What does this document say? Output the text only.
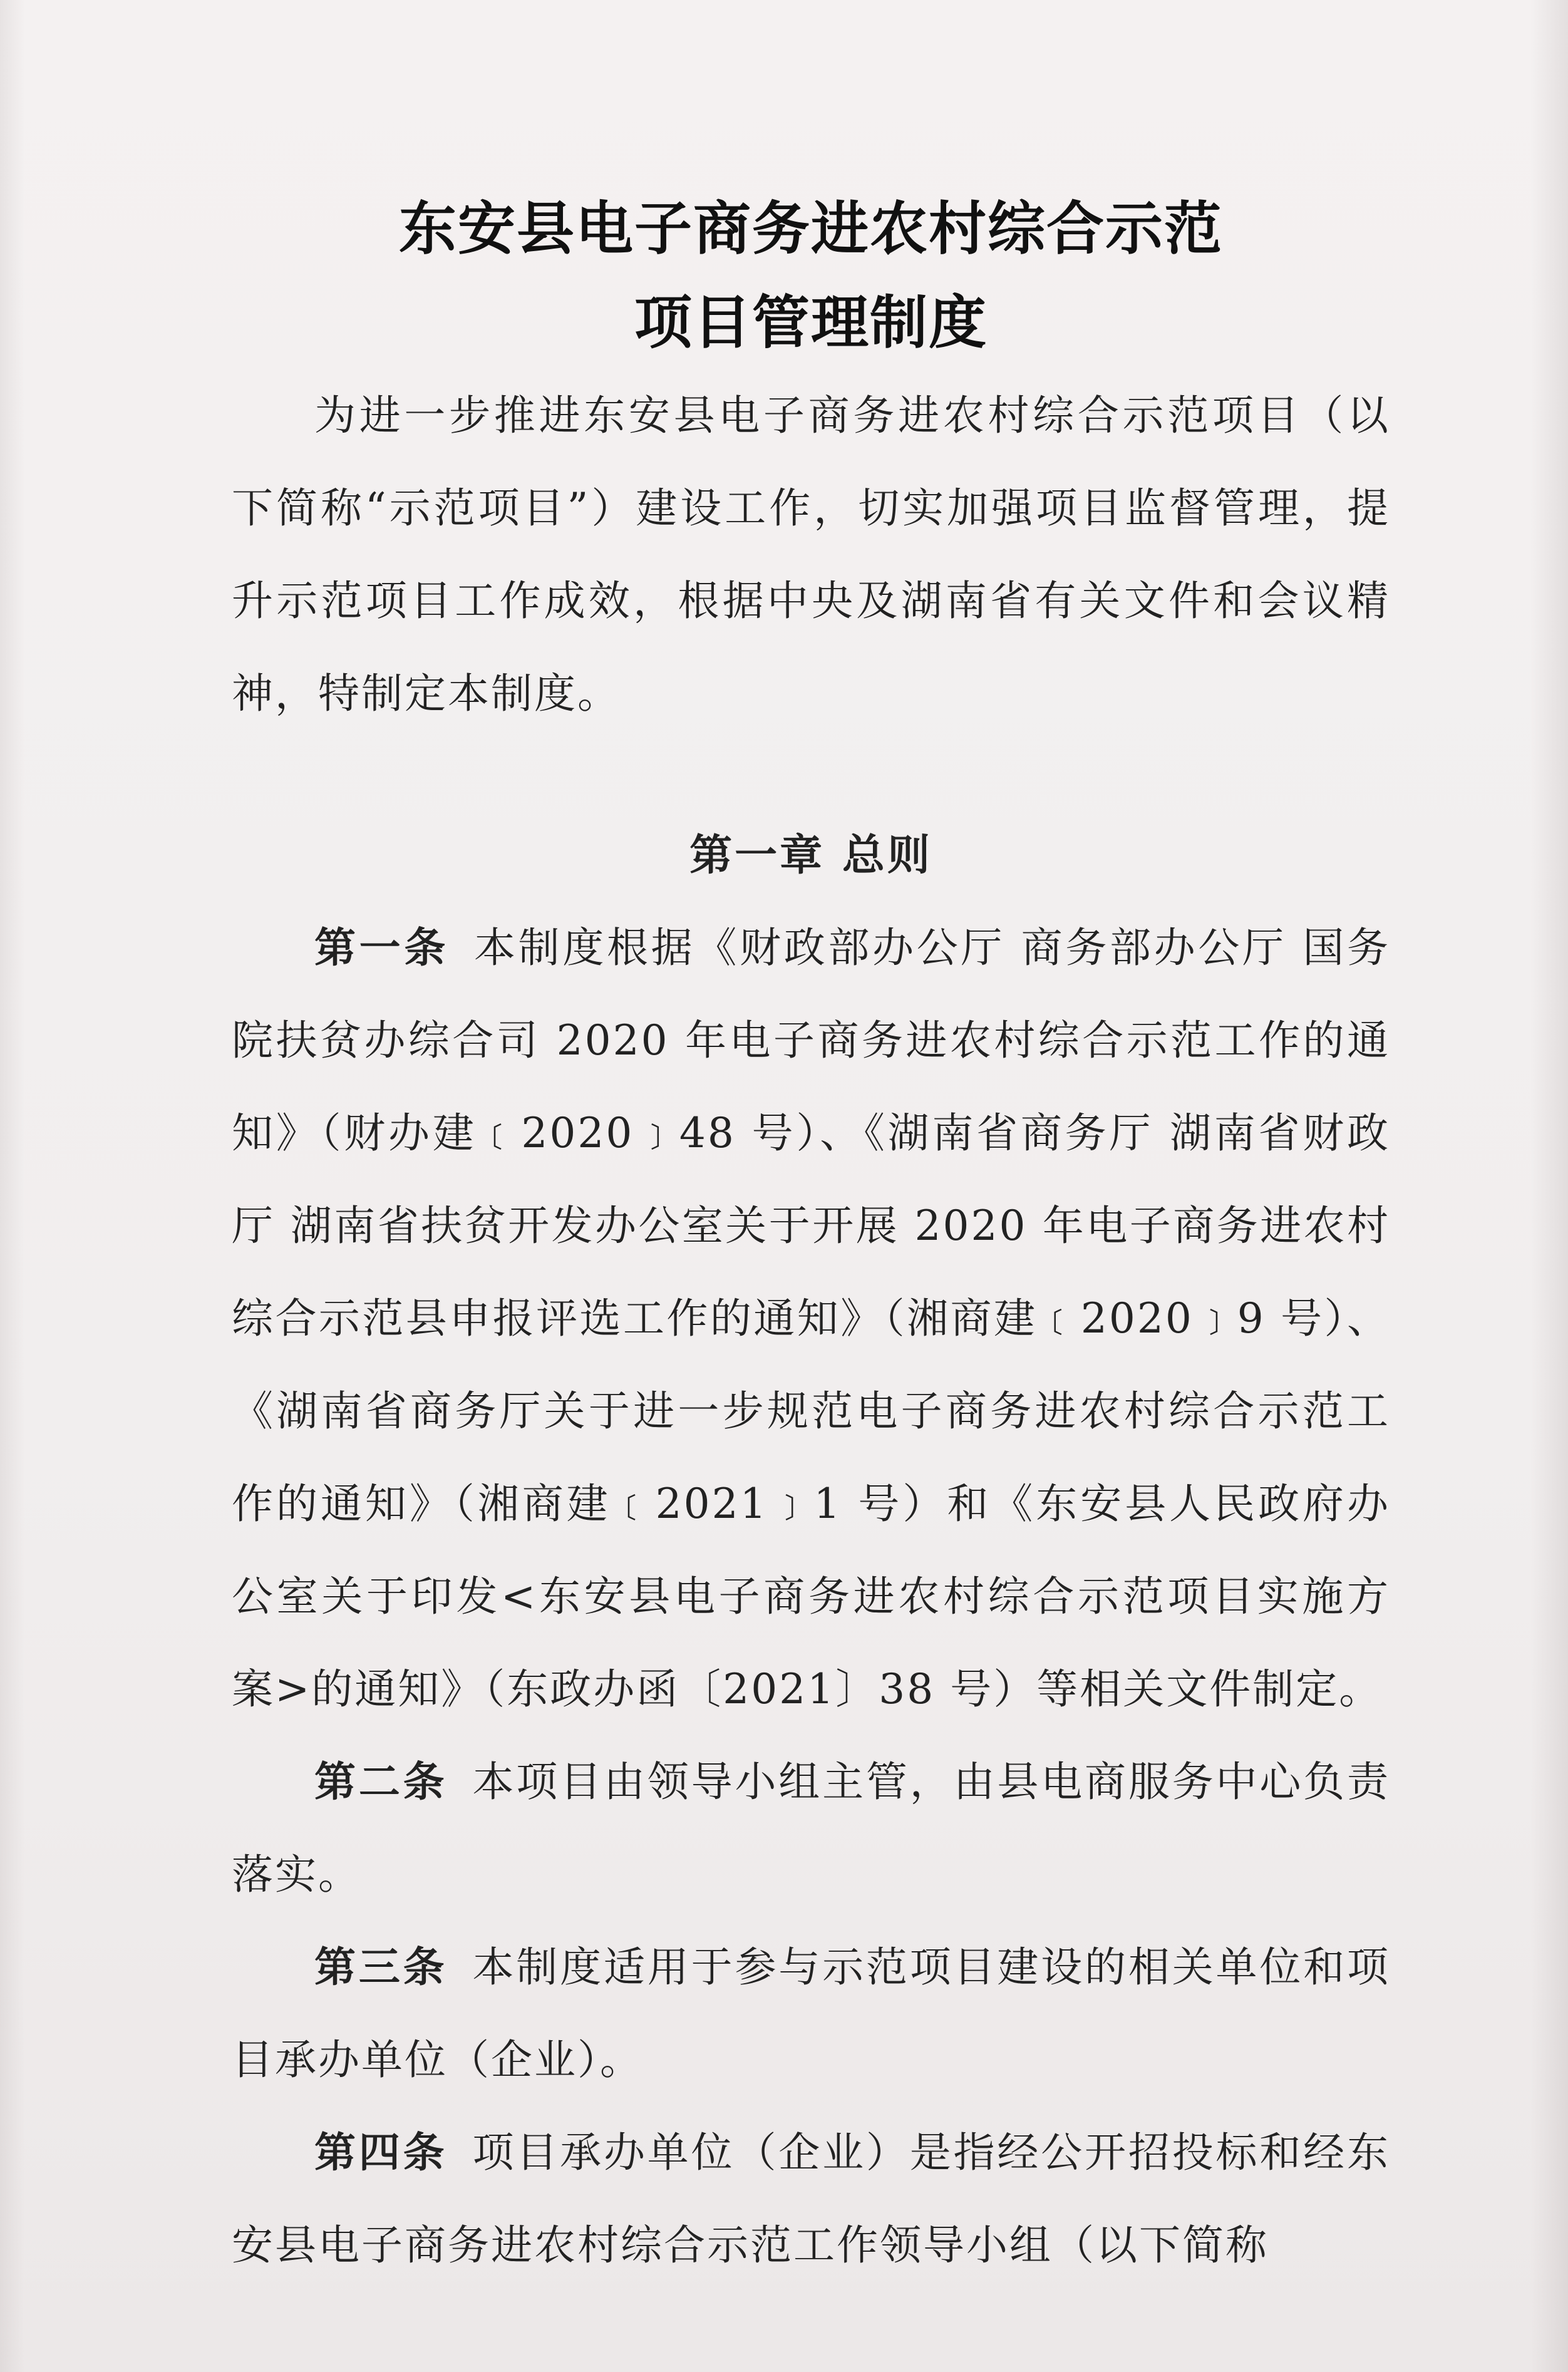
东安县电子商务进农村综合示范
项目管理制度

为进一步推进东安县电子商务进农村综合示范项目（以下简称“示范项目”）建设工作，切实加强项目监督管理，提升示范项目工作成效，根据中央及湖南省有关文件和会议精神，特制定本制度。

第一章 总则

第一条 本制度根据《财政部办公厅 商务部办公厅 国务院扶贫办综合司 2020 年电子商务进农村综合示范工作的通知》（财办建﹝2020﹞48 号）、《湖南省商务厅 湖南省财政厅 湖南省扶贫开发办公室关于开展 2020 年电子商务进农村综合示范县申报评选工作的通知》（湘商建﹝2020﹞9 号）、《湖南省商务厅关于进一步规范电子商务进农村综合示范工作的通知》（湘商建﹝2021﹞1 号）和《东安县人民政府办公室关于印发<东安县电子商务进农村综合示范项目实施方案>的通知》（东政办函〔2021〕38 号）等相关文件制定。

第二条 本项目由领导小组主管，由县电商服务中心负责落实。

第三条 本制度适用于参与示范项目建设的相关单位和项目承办单位（企业）。

第四条 项目承办单位（企业）是指经公开招投标和经东安县电子商务进农村综合示范工作领导小组（以下简称
